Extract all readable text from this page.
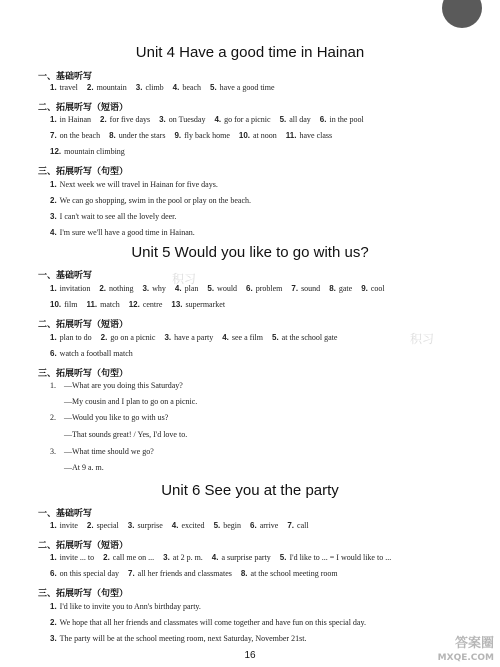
Unit 4 Have a good time in Hainan
一、基础听写
1. travel 2. mountain 3. climb 4. beach 5. have a good time
二、拓展听写（短语）
1. in Hainan 2. for five days 3. on Tuesday 4. go for a picnic 5. all day 6. in the pool
7. on the beach 8. under the stars 9. fly back home 10. at noon 11. have class
12. mountain climbing
三、拓展听写（句型）
1. Next week we will travel in Hainan for five days.
2. We can go shopping, swim in the pool or play on the beach.
3. I can't wait to see all the lovely deer.
4. I'm sure we'll have a good time in Hainan.
Unit 5 Would you like to go with us?
一、基础听写
1. invitation 2. nothing 3. why 4. plan 5. would 6. problem 7. sound 8. gate 9. cool
10. film 11. match 12. centre 13. supermarket
二、拓展听写（短语）
1. plan to do 2. go on a picnic 3. have a party 4. see a film 5. at the school gate
6. watch a football match
三、拓展听写（句型）
1. —What are you doing this Saturday?
—My cousin and I plan to go on a picnic.
2. —Would you like to go with us?
—That sounds great! / Yes, I'd love to.
3. —What time should we go?
—At 9 a. m.
Unit 6 See you at the party
一、基础听写
1. invite 2. special 3. surprise 4. excited 5. begin 6. arrive 7. call
二、拓展听写（短语）
1. invite ... to 2. call me on ... 3. at 2 p. m. 4. a surprise party 5. I'd like to ... = I would like to ...
6. on this special day 7. all her friends and classmates 8. at the school meeting room
三、拓展听写（句型）
1. I'd like to invite you to Ann's birthday party.
2. We hope that all her friends and classmates will come together and have fun on this special day.
3. The party will be at the school meeting room, next Saturday, November 21st.
16
积习
积习
答案圈
MXQE.COM
